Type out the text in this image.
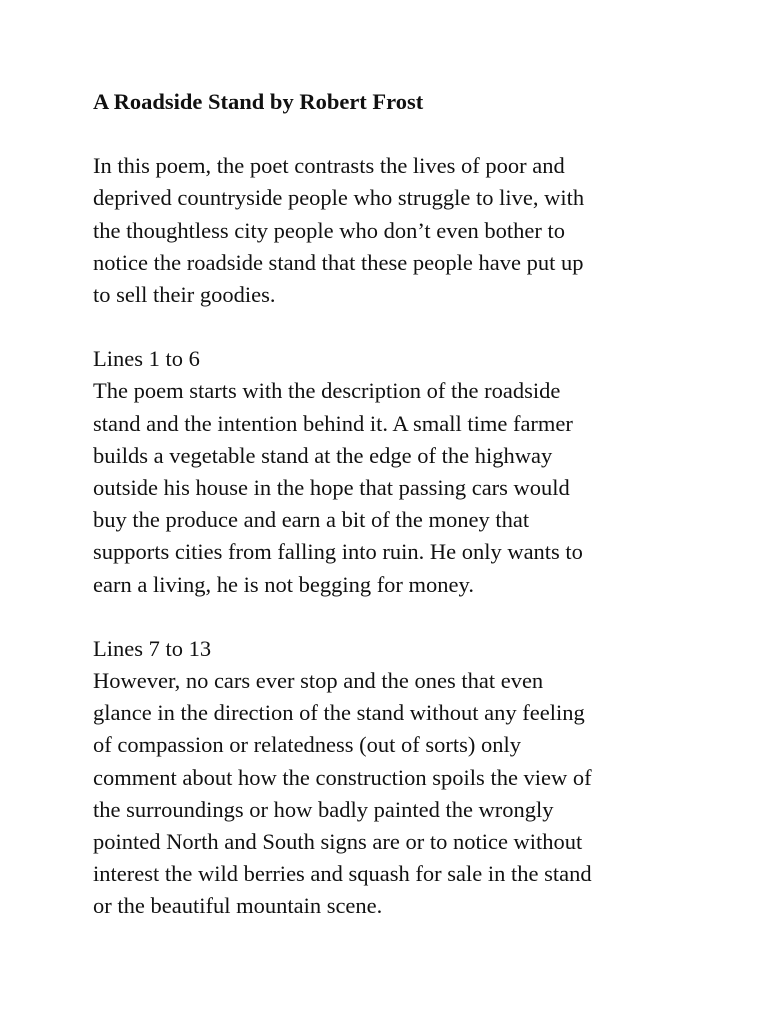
A Roadside Stand by Robert Frost
In this poem, the poet contrasts the lives of poor and
deprived countryside people who struggle to live, with
the thoughtless city people who don’t even bother to
notice the roadside stand that these people have put up
to sell their goodies.
Lines 1 to 6
The poem starts with the description of the roadside
stand and the intention behind it. A small time farmer
builds a vegetable stand at the edge of the highway
outside his house in the hope that passing cars would
buy the produce and earn a bit of the money that
supports cities from falling into ruin. He only wants to
earn a living, he is not begging for money.
Lines 7 to 13
However, no cars ever stop and the ones that even
glance in the direction of the stand without any feeling
of compassion or relatedness (out of sorts) only
comment about how the construction spoils the view of
the surroundings or how badly painted the wrongly
pointed North and South signs are or to notice without
interest the wild berries and squash for sale in the stand
or the beautiful mountain scene.
